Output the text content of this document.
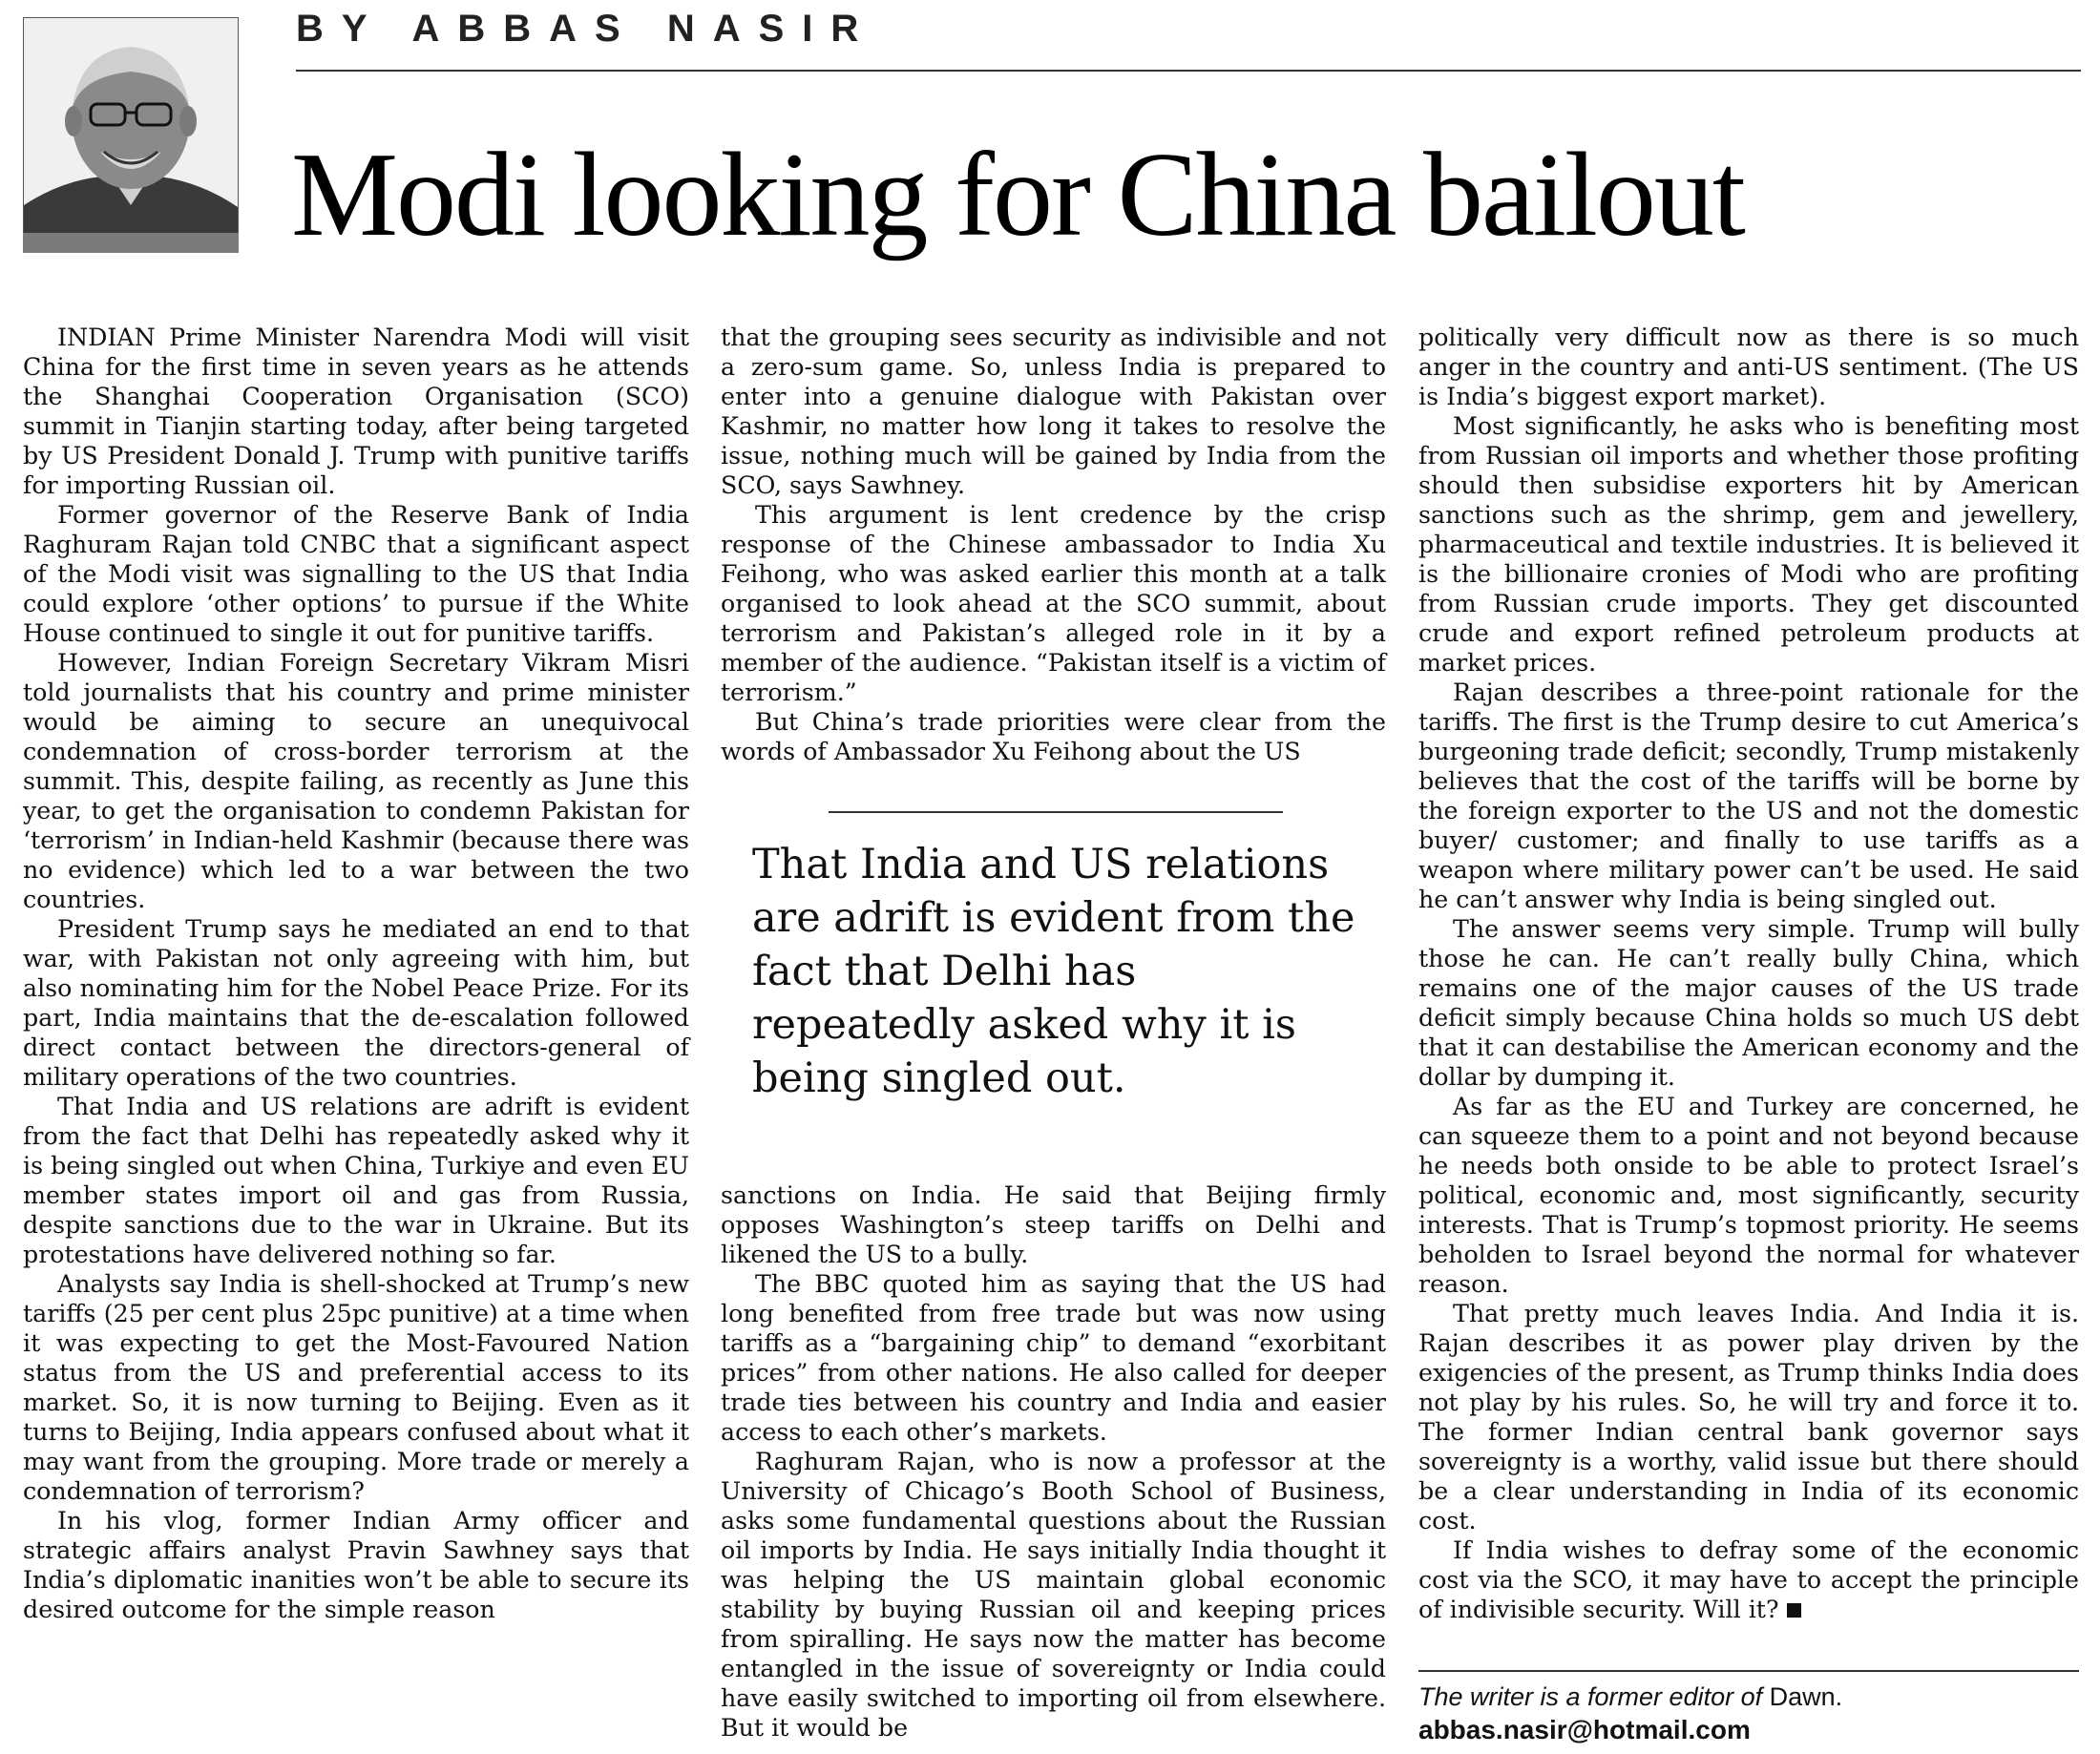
BY ABBAS NASIR
Modi looking for China bailout

INDIAN Prime Minister Narendra Modi will visit China for the first time in seven years as he attends the Shanghai Cooperation Organisation (SCO) summit in Tianjin starting today, after being targeted by US President Donald J. Trump with punitive tariffs for importing Russian oil.

Former governor of the Reserve Bank of India Raghuram Rajan told CNBC that a significant aspect of the Modi visit was signalling to the US that India could explore ‘other options’ to pursue if the White House continued to single it out for punitive tariffs.

However, Indian Foreign Secretary Vikram Misri told journalists that his country and prime minister would be aiming to secure an unequivocal condemnation of cross-border terrorism at the summit. This, despite failing, as recently as June this year, to get the organisation to condemn Pakistan for ‘terrorism’ in Indian-held Kashmir (because there was no evidence) which led to a war between the two countries.

President Trump says he mediated an end to that war, with Pakistan not only agreeing with him, but also nominating him for the Nobel Peace Prize. For its part, India maintains that the de-escalation followed direct contact between the directors-general of military operations of the two countries.

That India and US relations are adrift is evident from the fact that Delhi has repeatedly asked why it is being singled out when China, Turkiye and even EU member states import oil and gas from Russia, despite sanctions due to the war in Ukraine. But its protestations have delivered nothing so far.

Analysts say India is shell-shocked at Trump’s new tariffs (25 per cent plus 25pc punitive) at a time when it was expecting to get the Most-Favoured Nation status from the US and preferential access to its market. So, it is now turning to Beijing. Even as it turns to Beijing, India appears confused about what it may want from the grouping. More trade or merely a condemnation of terrorism?

In his vlog, former Indian Army officer and strategic affairs analyst Pravin Sawhney says that India’s diplomatic inanities won’t be able to secure its desired outcome for the simple reason

that the grouping sees security as indivisible and not a zero-sum game. So, unless India is prepared to enter into a genuine dialogue with Pakistan over Kashmir, no matter how long it takes to resolve the issue, nothing much will be gained by India from the SCO, says Sawhney.

This argument is lent credence by the crisp response of the Chinese ambassador to India Xu Feihong, who was asked earlier this month at a talk organised to look ahead at the SCO summit, about terrorism and Pakistan’s alleged role in it by a member of the audience. “Pakistan itself is a victim of terrorism.”

But China’s trade priorities were clear from the words of Ambassador Xu Feihong about the US

That India and US relations are adrift is evident from the fact that Delhi has repeatedly asked why it is being singled out.

sanctions on India. He said that Beijing firmly opposes Washington’s steep tariffs on Delhi and likened the US to a bully.

The BBC quoted him as saying that the US had long benefited from free trade but was now using tariffs as a “bargaining chip” to demand “exorbitant prices” from other nations. He also called for deeper trade ties between his country and India and easier access to each other’s markets.

Raghuram Rajan, who is now a professor at the University of Chicago’s Booth School of Business, asks some fundamental questions about the Russian oil imports by India. He says initially India thought it was helping the US maintain global economic stability by buying Russian oil and keeping prices from spiralling. He says now the matter has become entangled in the issue of sovereignty or India could have easily switched to importing oil from elsewhere. But it would be

politically very difficult now as there is so much anger in the country and anti-US sentiment. (The US is India’s biggest export market).

Most significantly, he asks who is benefiting most from Russian oil imports and whether those profiting should then subsidise exporters hit by American sanctions such as the shrimp, gem and jewellery, pharmaceutical and textile industries. It is believed it is the billionaire cronies of Modi who are profiting from Russian crude imports. They get discounted crude and export refined petroleum products at market prices.

Rajan describes a three-point rationale for the tariffs. The first is the Trump desire to cut America’s burgeoning trade deficit; secondly, Trump mistakenly believes that the cost of the tariffs will be borne by the foreign exporter to the US and not the domestic buyer/ customer; and finally to use tariffs as a weapon where military power can’t be used. He said he can’t answer why India is being singled out.

The answer seems very simple. Trump will bully those he can. He can’t really bully China, which remains one of the major causes of the US trade deficit simply because China holds so much US debt that it can destabilise the American economy and the dollar by dumping it.

As far as the EU and Turkey are concerned, he can squeeze them to a point and not beyond because he needs both onside to be able to protect Israel’s political, economic and, most significantly, security interests. That is Trump’s topmost priority. He seems beholden to Israel beyond the normal for whatever reason.

That pretty much leaves India. And India it is. Rajan describes it as power play driven by the exigencies of the present, as Trump thinks India does not play by his rules. So, he will try and force it to. The former Indian central bank governor says sovereignty is a worthy, valid issue but there should be a clear understanding in India of its economic cost.

If India wishes to defray some of the economic cost via the SCO, it may have to accept the principle of indivisible security. Will it?

The writer is a former editor of Dawn.
abbas.nasir@hotmail.com
